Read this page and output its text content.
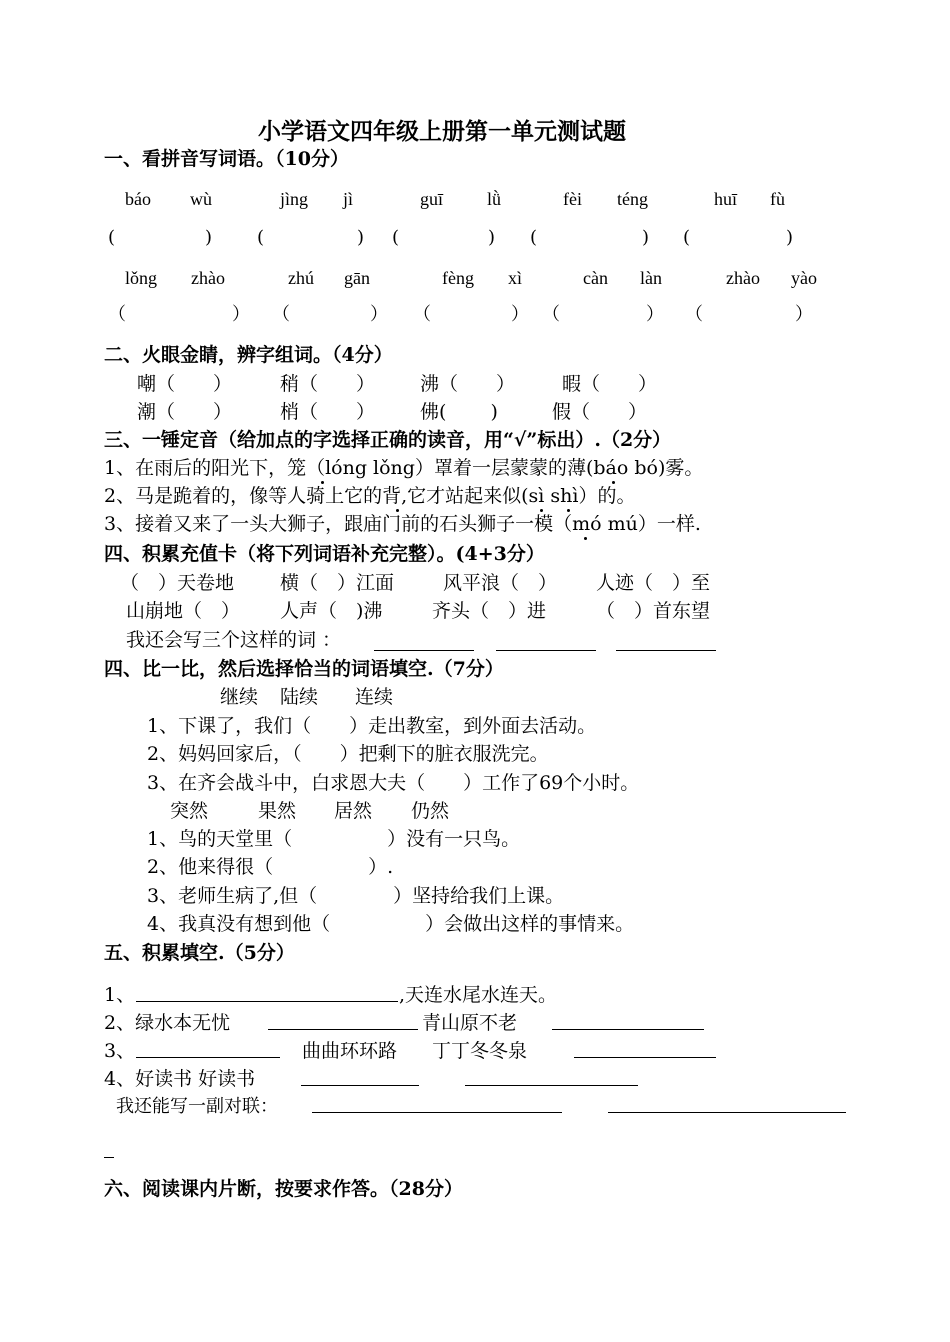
小学语文四年级上册第一单元测试题
一、看拼音写词语。（10分）
báo wù	jìng jì	guī lǜ	fèi téng	huī fù
(	) (	) (	) (	) (	)
lǒng zhào	zhú gān	fèng xì	càn làn	zhào yào
（	） （	） （	） （	） （	）
二、火眼金睛，辨字组词。（4分）
嘲（　　）	稍（　　） 沸（　　） 暇（　　）
潮（　　）	梢（　　） 佛(　　 )	假（　　）
三、一锤定音（给加点的字选择正确的读音，用“√”标出）.（2分）
1、在雨后的阳光下，笼（lóng lǒng）罩着一层蒙蒙的薄(báo bó)雾。
2、马是跪着的，像等人骑上它的背,它才站起来似(sì shì）的。
3、接着又来了一头大狮子，跟庙门前的石头狮子一模（mó mú）一样.
四、积累充值卡（将下列词语补充完整）。(4+3分）
（　）天卷地 横（　）江面	风平浪（　） 人迹（　）至
山崩地（　） 人声（　)沸	齐头（　）进	（　）首东望
我还会写三个这样的词 ：
四、比一比，然后选择恰当的词语填空.（7分）
继续 陆续 连续
1、下课了，我们（　　）走出教室，到外面去活动。
2、妈妈回家后，（　　）把剩下的脏衣服洗完。
3、在齐会战斗中，白求恩大夫（　　）工作了69个小时。
突然	果然 居然 仍然
1、鸟的天堂里（　　　　　）没有一只鸟。
2、他来得很（　　　　　）.
3、老师生病了,但（　　　　）坚持给我们上课。
4、我真没有想到他（　　　　　）会做出这样的事情来。
五、积累填空.（5分）
1、	,天连水尾水连天。
2、绿水本无忧	青山原不老
3、	曲曲环环路 丁丁冬冬泉
4、好读书 好读书
我还能写一副对联：
六、阅读课内片断，按要求作答。（28分）
